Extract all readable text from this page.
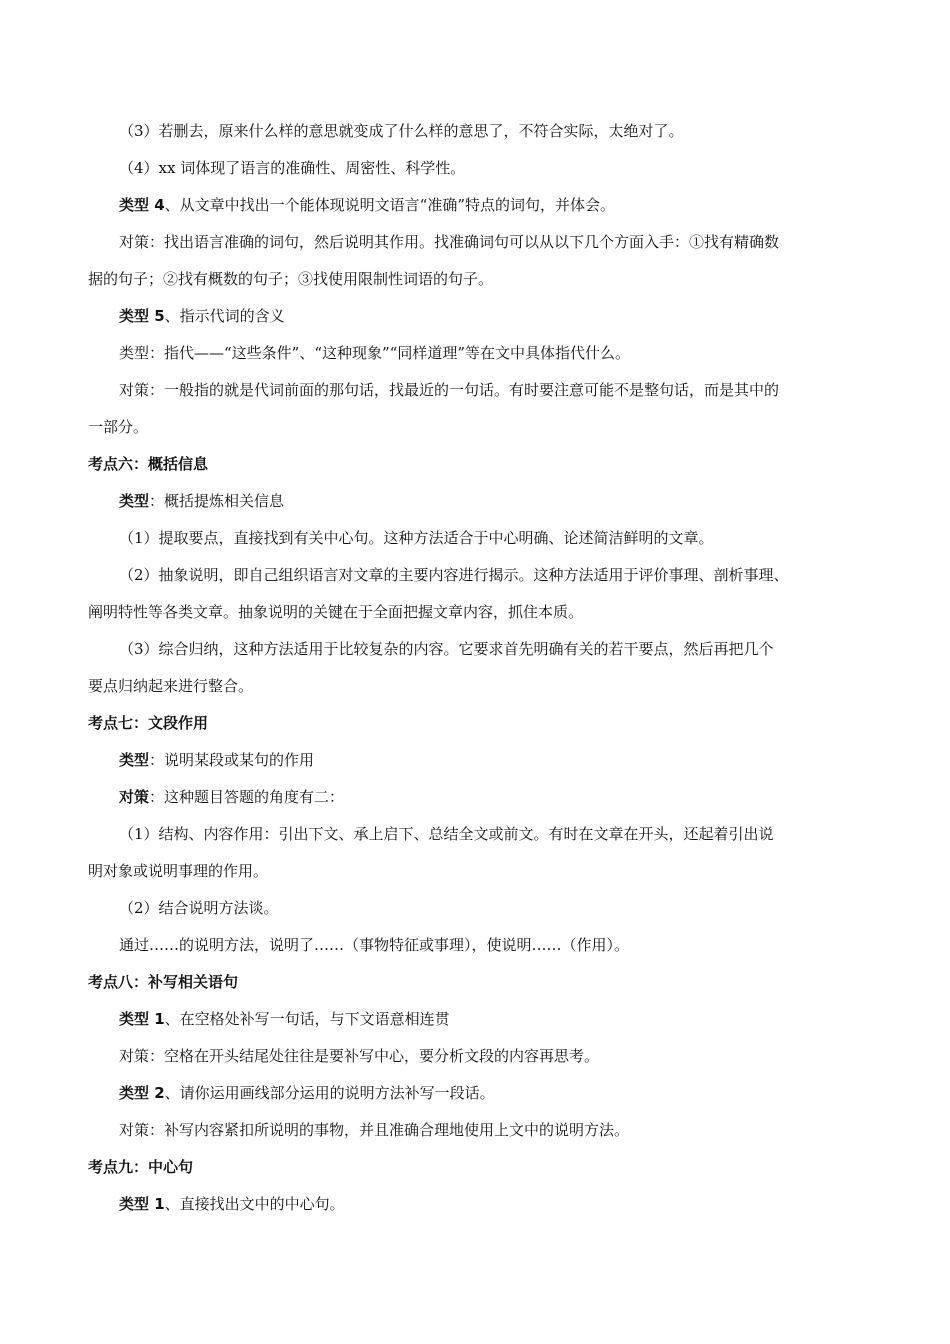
（3）若删去，原来什么样的意思就变成了什么样的意思了，不符合实际，太绝对了。
（4）xx 词体现了语言的准确性、周密性、科学性。
类型 4、从文章中找出一个能体现说明文语言“准确”特点的词句，并体会。
对策：找出语言准确的词句，然后说明其作用。找准确词句可以从以下几个方面入手：①找有精确数
据的句子；②找有概数的句子；③找使用限制性词语的句子。
类型 5、指示代词的含义
类型：指代——“这些条件”、“这种现象”“同样道理”等在文中具体指代什么。
对策：一般指的就是代词前面的那句话，找最近的一句话。有时要注意可能不是整句话，而是其中的
一部分。
考点六：概括信息
类型：概括提炼相关信息
（1）提取要点，直接找到有关中心句。这种方法适合于中心明确、论述简洁鲜明的文章。
（2）抽象说明，即自己组织语言对文章的主要内容进行揭示。这种方法适用于评价事理、剖析事理、
阐明特性等各类文章。抽象说明的关键在于全面把握文章内容，抓住本质。
（3）综合归纳，这种方法适用于比较复杂的内容。它要求首先明确有关的若干要点，然后再把几个
要点归纳起来进行整合。
考点七：文段作用
类型：说明某段或某句的作用
对策：这种题目答题的角度有二：
（1）结构、内容作用：引出下文、承上启下、总结全文或前文。有时在文章在开头，还起着引出说
明对象或说明事理的作用。
（2）结合说明方法谈。
通过……的说明方法，说明了……（事物特征或事理），使说明……（作用）。
考点八：补写相关语句
类型 1、在空格处补写一句话，与下文语意相连贯
对策：空格在开头结尾处往往是要补写中心，要分析文段的内容再思考。
类型 2、请你运用画线部分运用的说明方法补写一段话。
对策：补写内容紧扣所说明的事物，并且准确合理地使用上文中的说明方法。
考点九：中心句
类型 1、直接找出文中的中心句。
